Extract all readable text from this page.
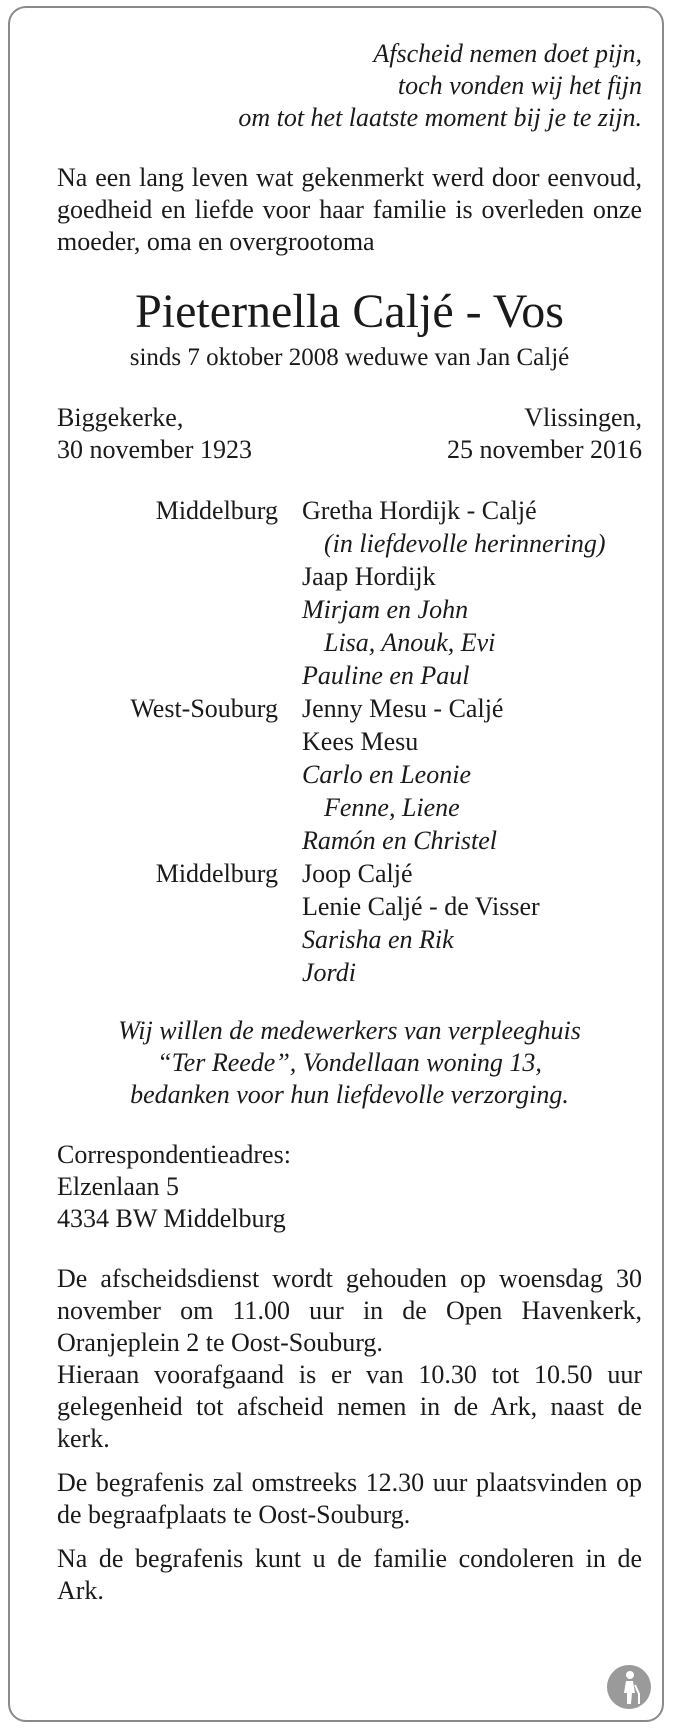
Afscheid nemen doet pijn,
toch vonden wij het fijn
om tot het laatste moment bij je te zijn.
Na een lang leven wat gekenmerkt werd door eenvoud, goedheid en liefde voor haar familie is overleden onze moeder, oma en overgrootoma
Pieternella Caljé - Vos
sinds 7 oktober 2008 weduwe van Jan Caljé
Biggekerke,
30 november 1923
Vlissingen,
25 november 2016
Middelburg Gretha Hordijk - Caljé
(in liefdevolle herinnering)
Jaap Hordijk
Mirjam en John
Lisa, Anouk, Evi
Pauline en Paul
West-Souburg Jenny Mesu - Caljé
Kees Mesu
Carlo en Leonie
Fenne, Liene
Ramón en Christel
Middelburg Joop Caljé
Lenie Caljé - de Visser
Sarisha en Rik
Jordi
Wij willen de medewerkers van verpleeghuis
“Ter Reede”, Vondellaan woning 13,
bedanken voor hun liefdevolle verzorging.
Correspondentieadres:
Elzenlaan 5
4334 BW Middelburg
De afscheidsdienst wordt gehouden op woensdag 30 november om 11.00 uur in de Open Havenkerk, Oranjeplein 2 te Oost-Souburg.
Hieraan voorafgaand is er van 10.30 tot 10.50 uur gelegenheid tot afscheid nemen in de Ark, naast de kerk.
De begrafenis zal omstreeks 12.30 uur plaatsvinden op de begraafplaats te Oost-Souburg.
Na de begrafenis kunt u de familie condoleren in de Ark.
